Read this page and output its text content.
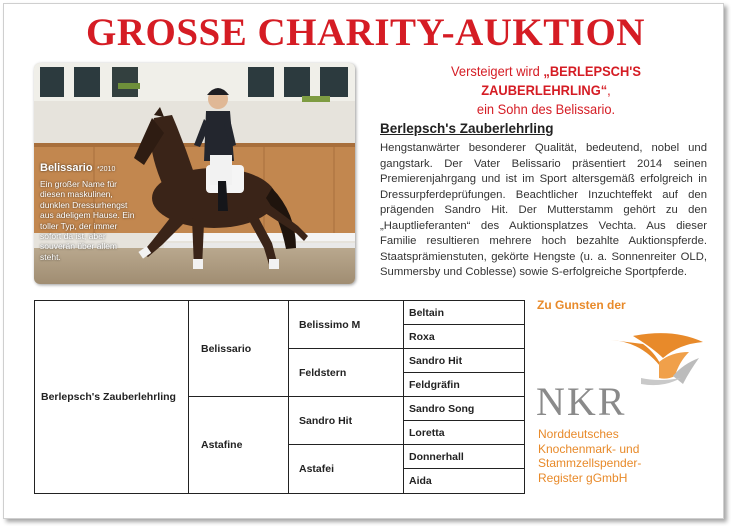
GROSSE CHARITY-AUKTION
Belissario *2010
Ein großer Name für diesen maskulinen, dunklen Dressurhengst aus adeligem Hause. Ein toller Typ, der immer sofort da ist, aber souverän über allem steht.
Versteigert wird „BERLEPSCH'S ZAUBERLEHRLING“,
ein Sohn des Belissario.
Berlepsch's Zauberlehrling
Hengstanwärter besonderer Qualität, bedeutend, nobel und gangstark. Der Vater Belissario präsentiert 2014 seinen Premierenjahrgang und ist im Sport altersgemäß erfolgreich in Dressurpferdeprüfungen. Beachtlicher Inzuchteffekt auf den prägenden Sandro Hit. Der Mutterstamm gehört zu den „Hauptlieferanten“ des Auktionsplatzes Vechta. Aus dieser Familie resultieren mehrere hoch bezahlte Auktionspferde. Staatsprämienstuten, gekörte Hengste (u. a. Sonnenreiter OLD, Summersby und Coblesse) sowie S-erfolgreiche Sportpferde.
Berlepsch's Zauberlehrling
Belissario
Astafine
Belissimo M
Feldstern
Sandro Hit
Astafei
Beltain
Roxa
Sandro Hit
Feldgräfin
Sandro Song
Loretta
Donnerhall
Aida
Zu Gunsten der
NKR
Norddeutsches
Knochenmark- und
Stammzellspender-
Register gGmbH
